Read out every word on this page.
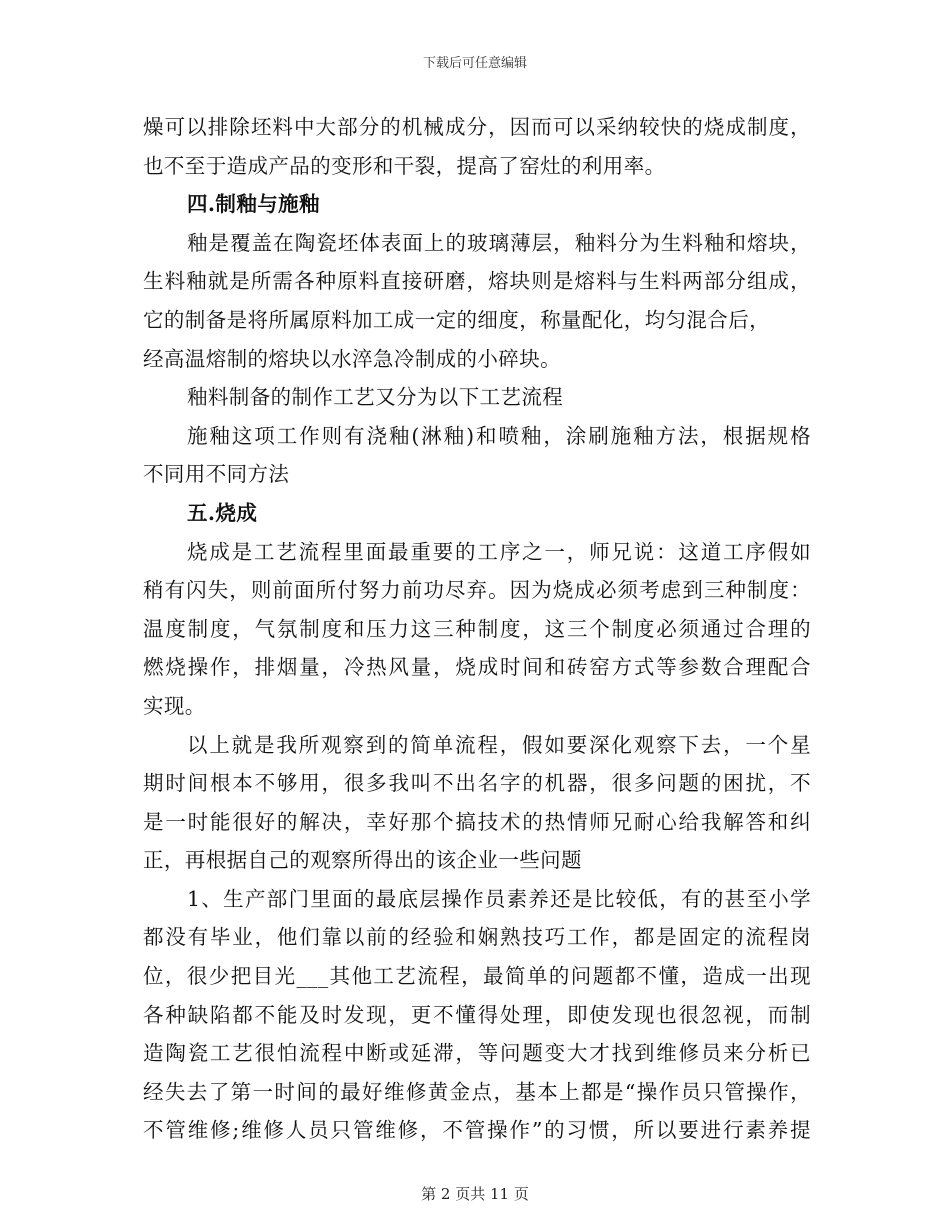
下载后可任意编辑
燥可以排除坯料中大部分的机械成分，因而可以采纳较快的烧成制度，
也不至于造成产品的变形和干裂，提高了窑灶的利用率。
四.制釉与施釉
釉是覆盖在陶瓷坯体表面上的玻璃薄层，釉料分为生料釉和熔块，
生料釉就是所需各种原料直接研磨，熔块则是熔料与生料两部分组成，
它的制备是将所属原料加工成一定的细度，称量配化，均匀混合后，
经高温熔制的熔块以水淬急冷制成的小碎块。
釉料制备的制作工艺又分为以下工艺流程
施釉这项工作则有浇釉(淋釉)和喷釉，涂刷施釉方法，根据规格
不同用不同方法
五.烧成
烧成是工艺流程里面最重要的工序之一，师兄说：这道工序假如
稍有闪失，则前面所付努力前功尽弃。因为烧成必须考虑到三种制度：
温度制度，气氛制度和压力这三种制度，这三个制度必须通过合理的
燃烧操作，排烟量，冷热风量，烧成时间和砖窑方式等参数合理配合
实现。
以上就是我所观察到的简单流程，假如要深化观察下去，一个星
期时间根本不够用，很多我叫不出名字的机器，很多问题的困扰，不
是一时能很好的解决，幸好那个搞技术的热情师兄耐心给我解答和纠
正，再根据自己的观察所得出的该企业一些问题
1、生产部门里面的最底层操作员素养还是比较低，有的甚至小学
都没有毕业，他们靠以前的经验和娴熟技巧工作，都是固定的流程岗
位，很少把目光___其他工艺流程，最简单的问题都不懂，造成一出现
各种缺陷都不能及时发现，更不懂得处理，即使发现也很忽视，而制
造陶瓷工艺很怕流程中断或延滞，等问题变大才找到维修员来分析已
经失去了第一时间的最好维修黄金点，基本上都是“操作员只管操作，
不管维修;维修人员只管维修，不管操作”的习惯，所以要进行素养提
第 2 页共 11 页
